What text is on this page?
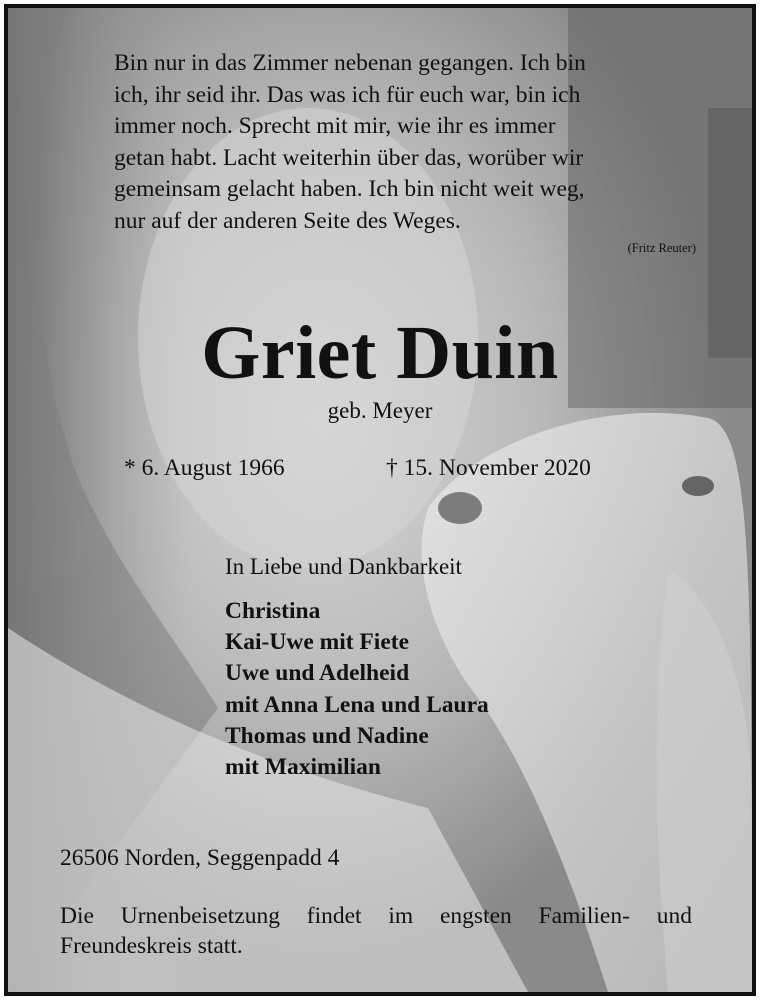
Bin nur in das Zimmer nebenan gegangen. Ich bin
ich, ihr seid ihr. Das was ich für euch war, bin ich
immer noch. Sprecht mit mir, wie ihr es immer
getan habt. Lacht weiterhin über das, worüber wir
gemeinsam gelacht haben. Ich bin nicht weit weg,
nur auf der anderen Seite des Weges.
(Fritz Reuter)
Griet Duin
geb. Meyer
* 6. August 1966	† 15. November 2020
In Liebe und Dankbarkeit
Christina
Kai-Uwe mit Fiete
Uwe und Adelheid
mit Anna Lena und Laura
Thomas und Nadine
mit Maximilian
26506 Norden, Seggenpadd 4
Die Urnenbeisetzung findet im engsten Familien- und Freundeskreis statt.
